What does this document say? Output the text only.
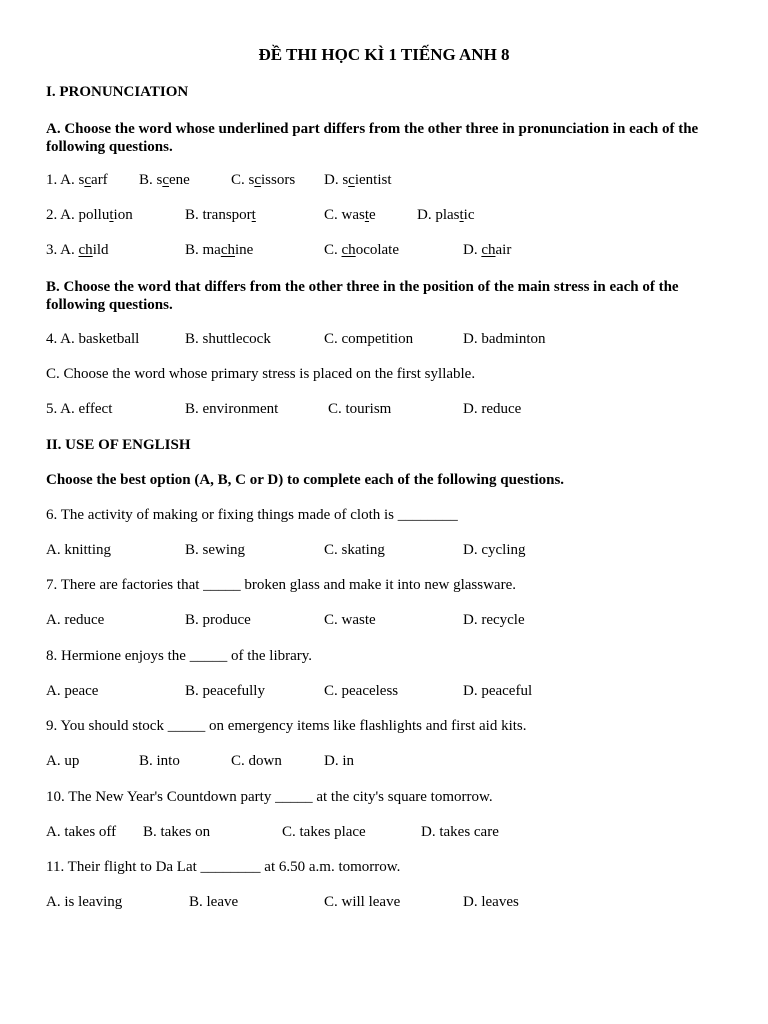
ĐỀ THI HỌC KÌ 1 TIẾNG ANH 8
I. PRONUNCIATION
A. Choose the word whose underlined part differs from the other three in pronunciation in each of the following questions.
1. A. scarf B. scene	C. scissors D. scientist
2. A. pollution	B. transport	C. waste	D. plastic
3. A. child	B. machine	C. chocolate	D. chair
B. Choose the word that differs from the other three in the position of the main stress in each of the following questions.
4. A. basketball	B. shuttlecock	C. competition	D. badminton
C. Choose the word whose primary stress is placed on the first syllable.
5. A. effect	B. environment	C. tourism	D. reduce
II. USE OF ENGLISH
Choose the best option (A, B, C or D) to complete each of the following questions.
6. The activity of making or fixing things made of cloth is ________
A. knitting	B. sewing	C. skating	D. cycling
7. There are factories that _____ broken glass and make it into new glassware.
A. reduce	B. produce	C. waste	D. recycle
8. Hermione enjoys the _____ of the library.
A. peace	B. peacefully	C. peaceless	D. peaceful
9. You should stock _____ on emergency items like flashlights and first aid kits.
A. up	B. into	C. down	D. in
10. The New Year's Countdown party _____ at the city's square tomorrow.
A. takes off B. takes on	C. takes place	D. takes care
11. Their flight to Da Lat ________ at 6.50 a.m. tomorrow.
A. is leaving	B. leave	C. will leave	D. leaves
